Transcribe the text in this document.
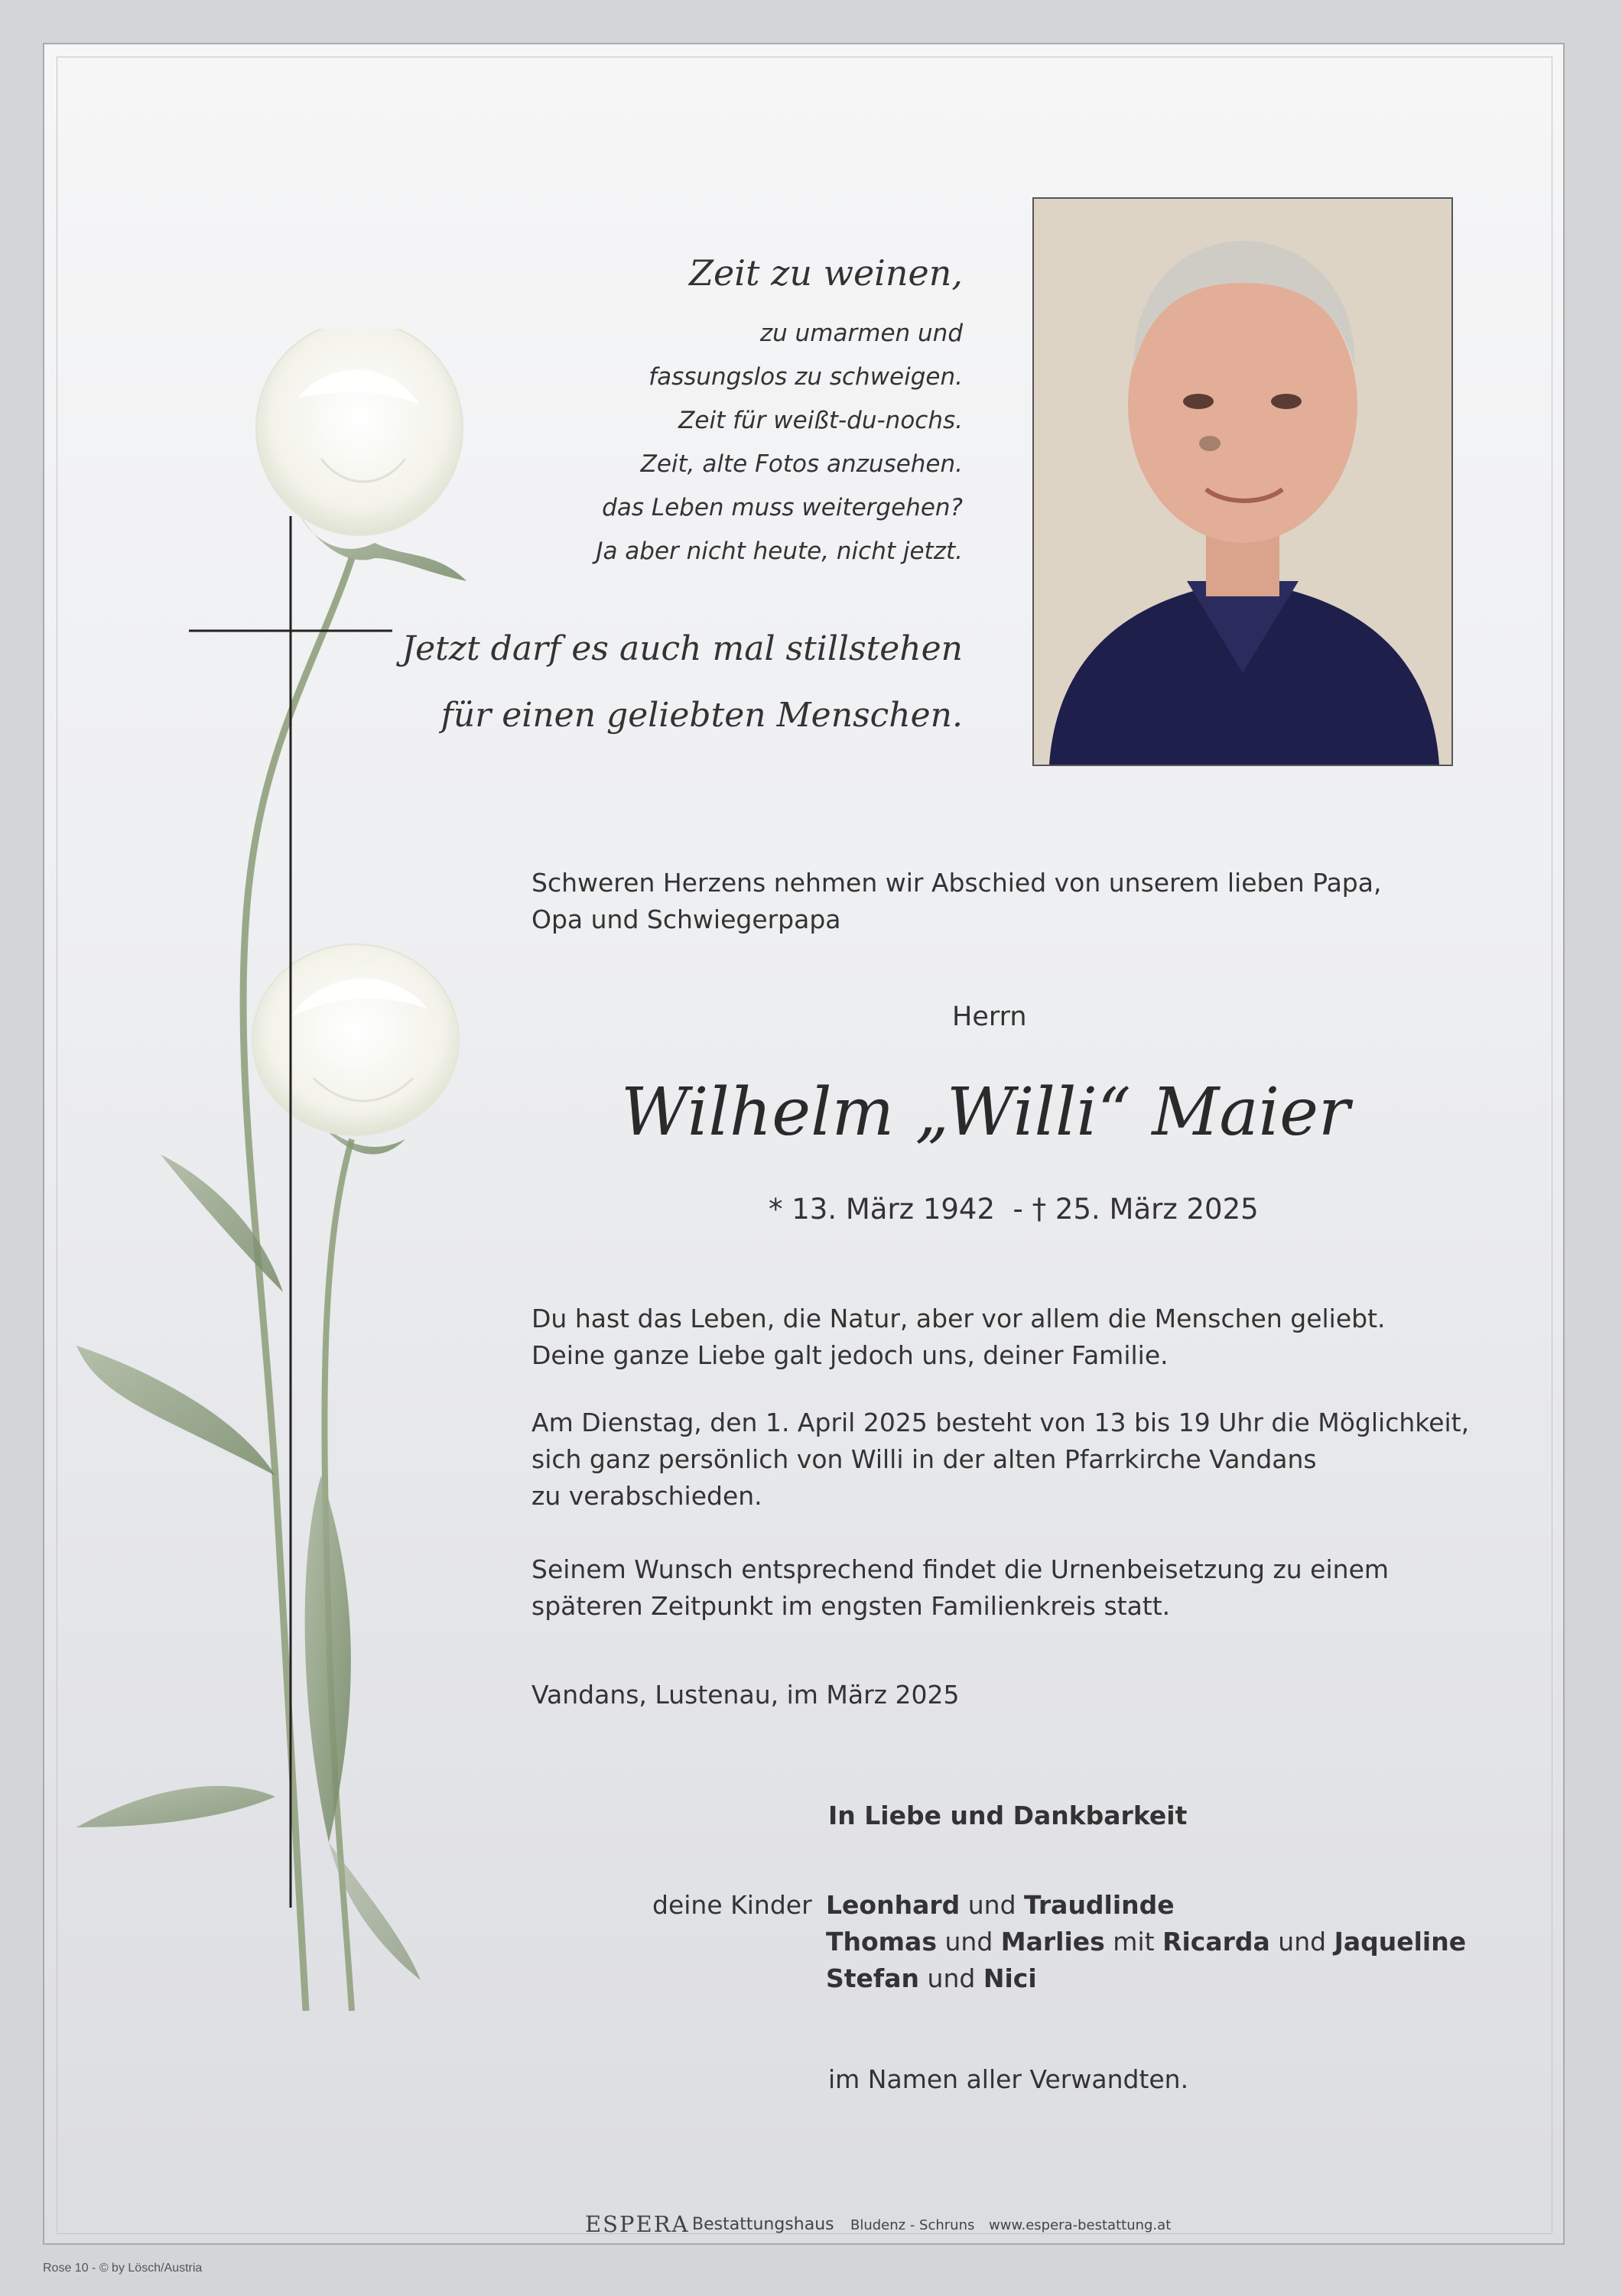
Zeit zu weinen,
zu umarmen und
fassungslos zu schweigen.
Zeit für weißt-du-nochs.
Zeit, alte Fotos anzusehen.
das Leben muss weitergehen?
Ja aber nicht heute, nicht jetzt.
Jetzt darf es auch mal stillstehen
für einen geliebten Menschen.
Schweren Herzens nehmen wir Abschied von unserem lieben Papa,
Opa und Schwiegerpapa
Herrn
Wilhelm „Willi“ Maier
* 13. März 1942  - † 25. März 2025
Du hast das Leben, die Natur, aber vor allem die Menschen geliebt.
Deine ganze Liebe galt jedoch uns, deiner Familie.
Am Dienstag, den 1. April 2025 besteht von 13 bis 19 Uhr die Möglichkeit,
sich ganz persönlich von Willi in der alten Pfarrkirche Vandans
zu verabschieden.
Seinem Wunsch entsprechend findet die Urnenbeisetzung zu einem
späteren Zeitpunkt im engsten Familienkreis statt.
Vandans, Lustenau, im März 2025
In Liebe und Dankbarkeit
deine Kinder Leonhard und Traudlinde
Thomas und Marlies mit Ricarda und Jaqueline
Stefan und Nici
im Namen aller Verwandten.
ESPERA Bestattungshaus Bludenz - Schruns www.espera-bestattung.at
Rose 10 - © by Lösch/Austria
